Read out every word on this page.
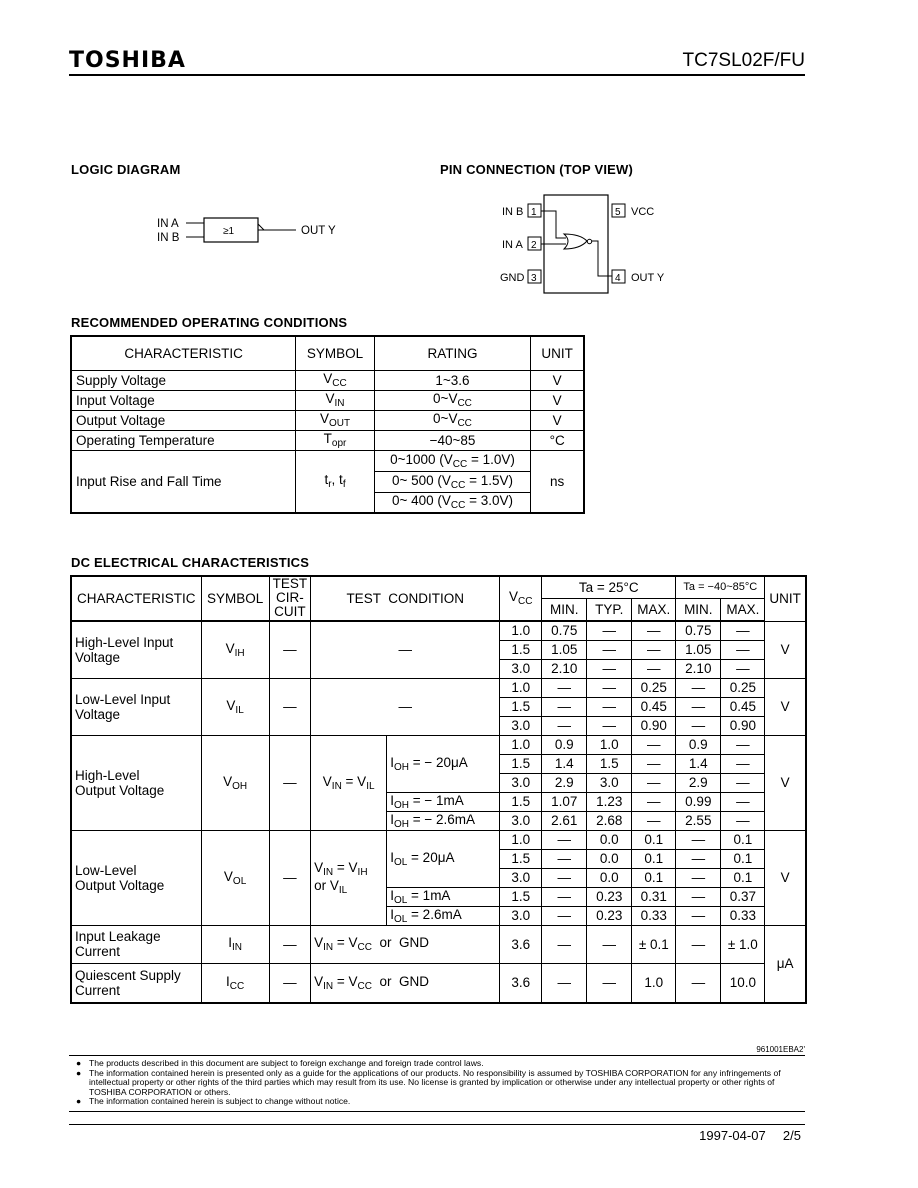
TOSHIBA	TC7SL02F/FU
LOGIC DIAGRAM
IN A
IN B
≥1	OUT Y
PIN CONNECTION (TOP VIEW)
IN B 1
IN A 2
GND 3
5 VCC
4 OUT Y
RECOMMENDED OPERATING CONDITIONS
CHARACTERISTIC	SYMBOL	RATING	UNIT
Supply Voltage	$V_{CC}$	1~3.6	V
Input Voltage	$V_{IN}$	$0\sim V_{CC}$	V
Output Voltage	$V_{OUT}$	$0\sim V_{CC}$	V
Operating Temperature	$T_{opr}$	−40~85	°C
Input Rise and Fall Time	$t_r$, $t_f$	0~1000 $(V_{CC} = 1.0V)$	ns
		0~ 500 $(V_{CC} = 1.5V)$	
		0~ 400 $(V_{CC} = 3.0V)$	
DC ELECTRICAL CHARACTERISTICS
CHARACTERISTIC	SYMBOL	TEST
CIR-
CUIT	TEST  CONDITION		$V_{CC}$	Ta = 25°C			Ta = −40~85°C		UNIT
						MIN.	TYP.	MAX.	MIN.	MAX.	

High-Level Input
Voltage	$V_{IH}$	—	—		1.0	0.75	—	—	0.75	—	V
					1.5	1.05	—	—	1.05	—	
					3.0	2.10	—	—	2.10	—	
Low-Level Input
Voltage	$V_{IL}$	—	—		1.0	—	—	0.25	—	0.25	V
					1.5	—	—	0.45	—	0.45	
					3.0	—	—	0.90	—	0.90	
High-Level
Output Voltage	$V_{OH}$	—	$V_{IN} = V_{IL}$	$I_{OH}$ = − 20μA	1.0	0.9	1.0	—	0.9	—	V
					1.5	1.4	1.5	—	1.4	—	
					3.0	2.9	3.0	—	2.9	—	
				$I_{OH}$ = − 1mA	1.5	1.07	1.23	—	0.99	—	
				$I_{OH}$ = − 2.6mA	3.0	2.61	2.68	—	2.55	—	
Low-Level
Output Voltage	$V_{OL}$	—	$V_{IN} = V_{IH}$
or $V_{IL}$	$I_{OL} = 20\mu A$	1.0	—	0.0	0.1	—	0.1	V
					1.5	—	0.0	0.1	—	0.1	
					3.0	—	0.0	0.1	—	0.1	
				$I_{OL} = 1mA$	1.5	—	0.23	0.31	—	0.37	
				$I_{OL} = 2.6mA$	3.0	—	0.23	0.33	—	0.33	
Input Leakage
Current	$I_{IN}$	—	$V_{IN} = V_{CC}$  or  GND		3.6	—	—	± 0.1	—	± 1.0	μA
Quiescent Supply
Current	$I_{CC}$	—	$V_{IN} = V_{CC}$  or  GND		3.6	—	—	1.0	—	10.0	
961001EBA2'
● The products described in this document are subject to foreign exchange and foreign trade control laws.
● The information contained herein is presented only as a guide for the applications of our products. No responsibility is assumed by TOSHIBA CORPORATION for any infringements of intellectual property or other rights of the third parties which may result from its use. No license is granted by implication or otherwise under any intellectual property or other rights of TOSHIBA CORPORATION or others.
● The information contained herein is subject to change without notice.
1997-04-07 2/5
